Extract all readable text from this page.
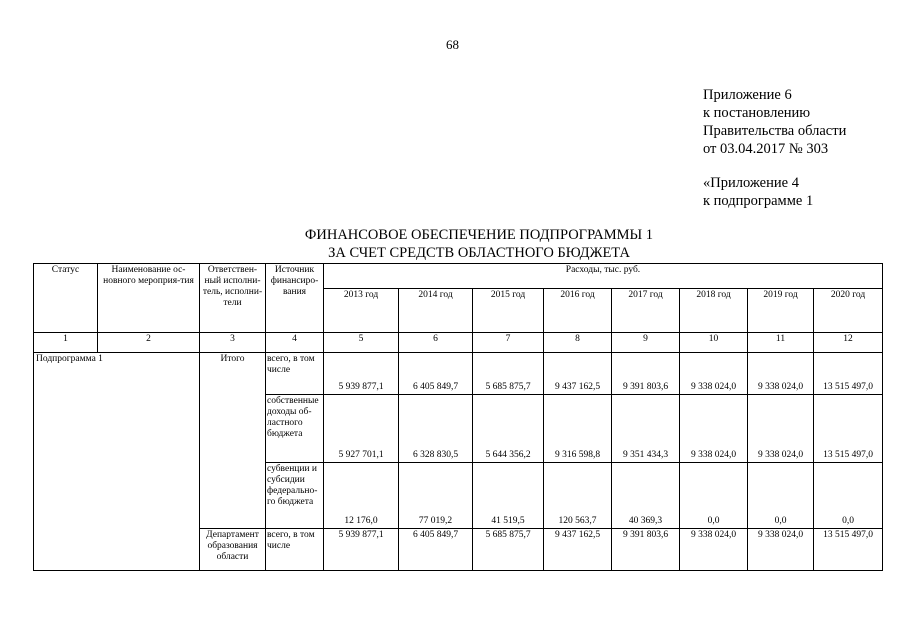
68
Приложение 6
к постановлению
Правительства области
от 03.04.2017 № 303
«Приложение 4
к подпрограмме 1
ФИНАНСОВОЕ ОБЕСПЕЧЕНИЕ ПОДПРОГРАММЫ 1
ЗА СЧЕТ СРЕДСТВ ОБЛАСТНОГО БЮДЖЕТА
Статус	Наименование ос-новного мероприя-тия	Ответствен-ный исполни-тель, исполни-тели	Источник финансиро-вания	Расходы, тыс. руб.							
				2013 год	2014 год	2015 год	2016 год	2017 год	2018 год	2019 год	2020 год
1	2	3	4	5	6	7	8	9	10	11	12
Подпрограмма 1		Итого	всего, в том числе	5 939 877,1	6 405 849,7	5 685 875,7	9 437 162,5	9 391 803,6	9 338 024,0	9 338 024,0	13 515 497,0
			собственные доходы об-ластного бюджета	5 927 701,1	6 328 830,5	5 644 356,2	9 316 598,8	9 351 434,3	9 338 024,0	9 338 024,0	13 515 497,0
			субвенции и субсидии федерально-го бюджета	12 176,0	77 019,2	41 519,5	120 563,7	40 369,3	0,0	0,0	0,0
		Департамент образования области	всего, в том числе	5 939 877,1	6 405 849,7	5 685 875,7	9 437 162,5	9 391 803,6	9 338 024,0	9 338 024,0	13 515 497,0
